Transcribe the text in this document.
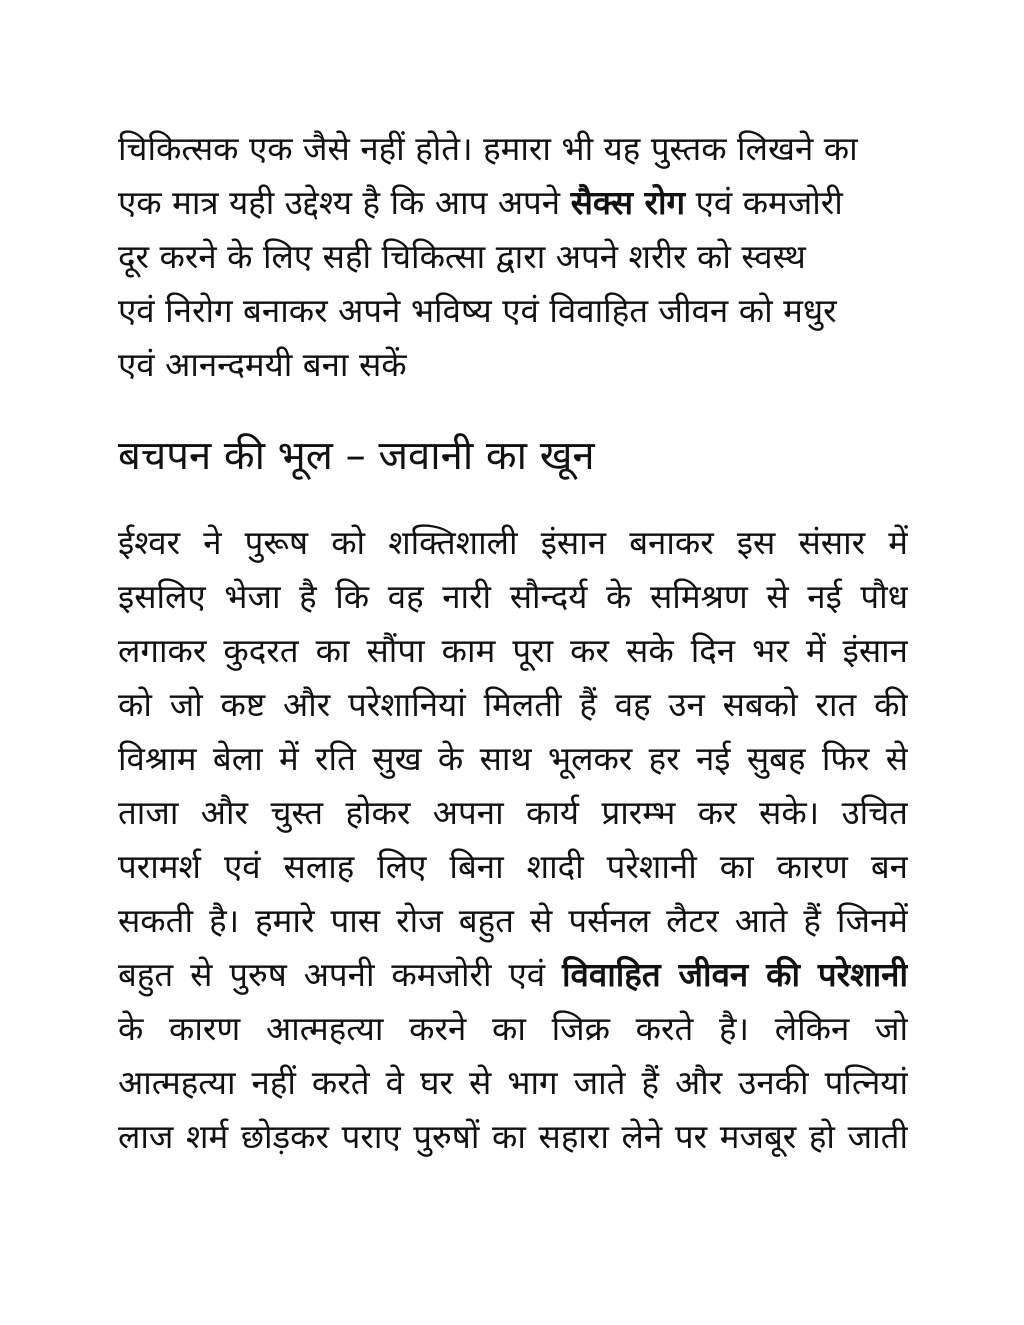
चिकित्सक एक जैसे नहीं होते। हमारा भी यह पुस्तक लिखने का
एक मात्र यही उद्देश्य है कि आप अपने सैक्स रोग एवं कमजोरी
दूर करने के लिए सही चिकित्सा द्वारा अपने शरीर को स्वस्थ
एवं निरोग बनाकर अपने भविष्य एवं विवाहित जीवन को मधुर
एवं आनन्दमयी बना सकें
बचपन की भूल – जवानी का खून
ईश्वर ने पुरूष को शक्तिशाली इंसान बनाकर इस संसार में
इसलिए भेजा है कि वह नारी सौन्दर्य के समिश्रण से नई पौध
लगाकर कुदरत का सौंपा काम पूरा कर सके दिन भर में इंसान
को जो कष्ट और परेशानियां मिलती हैं वह उन सबको रात की
विश्राम बेला में रति सुख के साथ भूलकर हर नई सुबह फिर से
ताजा और चुस्त होकर अपना कार्य प्रारम्भ कर सके। उचित
परामर्श एवं सलाह लिए बिना शादी परेशानी का कारण बन
सकती है। हमारे पास रोज बहुत से पर्सनल लैटर आते हैं जिनमें
बहुत से पुरुष अपनी कमजोरी एवं विवाहित जीवन की परेशानी
के कारण आत्महत्या करने का जिक्र करते है। लेकिन जो
आत्महत्या नहीं करते वे घर से भाग जाते हैं और उनकी पत्नियां
लाज शर्म छोड़कर पराए पुरुषों का सहारा लेने पर मजबूर हो जाती
